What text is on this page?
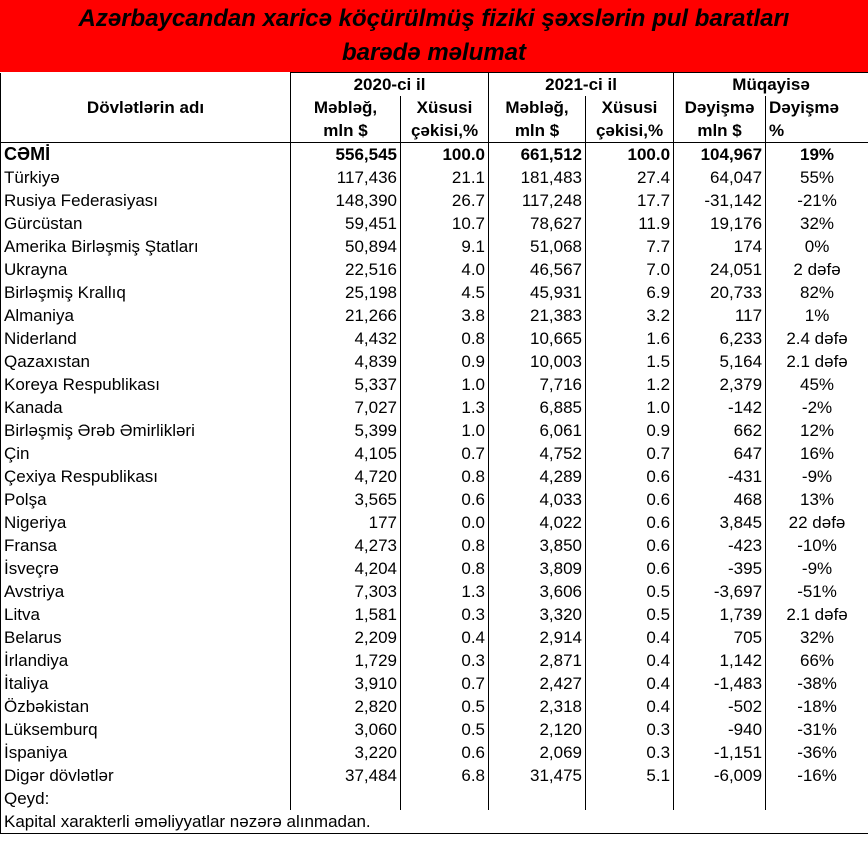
Azərbaycandan xaricə köçürülmüş fiziki şəxslərin pul baratları
barədə məlumat
	2020-ci il		2021-ci il		Müqayisə	
Dövlətlərin adı	Məbləğ,	Xüsusi	Məbləğ,	Xüsusi	Dəyişmə	Dəyişmə
	mln $	çəkisi,%	mln $	çəkisi,%	mln $	%
CƏMİ	556,545	100.0	661,512	100.0	104,967	19%
Türkiyə	117,436	21.1	181,483	27.4	64,047	55%
Rusiya Federasiyası	148,390	26.7	117,248	17.7	-31,142	-21%
Gürcüstan	59,451	10.7	78,627	11.9	19,176	32%
Amerika Birləşmiş Ştatları	50,894	9.1	51,068	7.7	174	0%
Ukrayna	22,516	4.0	46,567	7.0	24,051	2 dəfə
Birləşmiş Krallıq	25,198	4.5	45,931	6.9	20,733	82%
Almaniya	21,266	3.8	21,383	3.2	117	1%
Niderland	4,432	0.8	10,665	1.6	6,233	2.4 dəfə
Qazaxıstan	4,839	0.9	10,003	1.5	5,164	2.1 dəfə
Koreya Respublikası	5,337	1.0	7,716	1.2	2,379	45%
Kanada	7,027	1.3	6,885	1.0	-142	-2%
Birləşmiş Ərəb Əmirlikləri	5,399	1.0	6,061	0.9	662	12%
Çin	4,105	0.7	4,752	0.7	647	16%
Çexiya Respublikası	4,720	0.8	4,289	0.6	-431	-9%
Polşa	3,565	0.6	4,033	0.6	468	13%
Nigeriya	177	0.0	4,022	0.6	3,845	22 dəfə
Fransa	4,273	0.8	3,850	0.6	-423	-10%
İsveçrə	4,204	0.8	3,809	0.6	-395	-9%
Avstriya	7,303	1.3	3,606	0.5	-3,697	-51%
Litva	1,581	0.3	3,320	0.5	1,739	2.1 dəfə
Belarus	2,209	0.4	2,914	0.4	705	32%
İrlandiya	1,729	0.3	2,871	0.4	1,142	66%
İtaliya	3,910	0.7	2,427	0.4	-1,483	-38%
Özbəkistan	2,820	0.5	2,318	0.4	-502	-18%
Lüksemburq	3,060	0.5	2,120	0.3	-940	-31%
İspaniya	3,220	0.6	2,069	0.3	-1,151	-36%
Digər dövlətlər	37,484	6.8	31,475	5.1	-6,009	-16%
Qeyd:						
Kapital xarakterli əməliyyatlar nəzərə alınmadan.						
